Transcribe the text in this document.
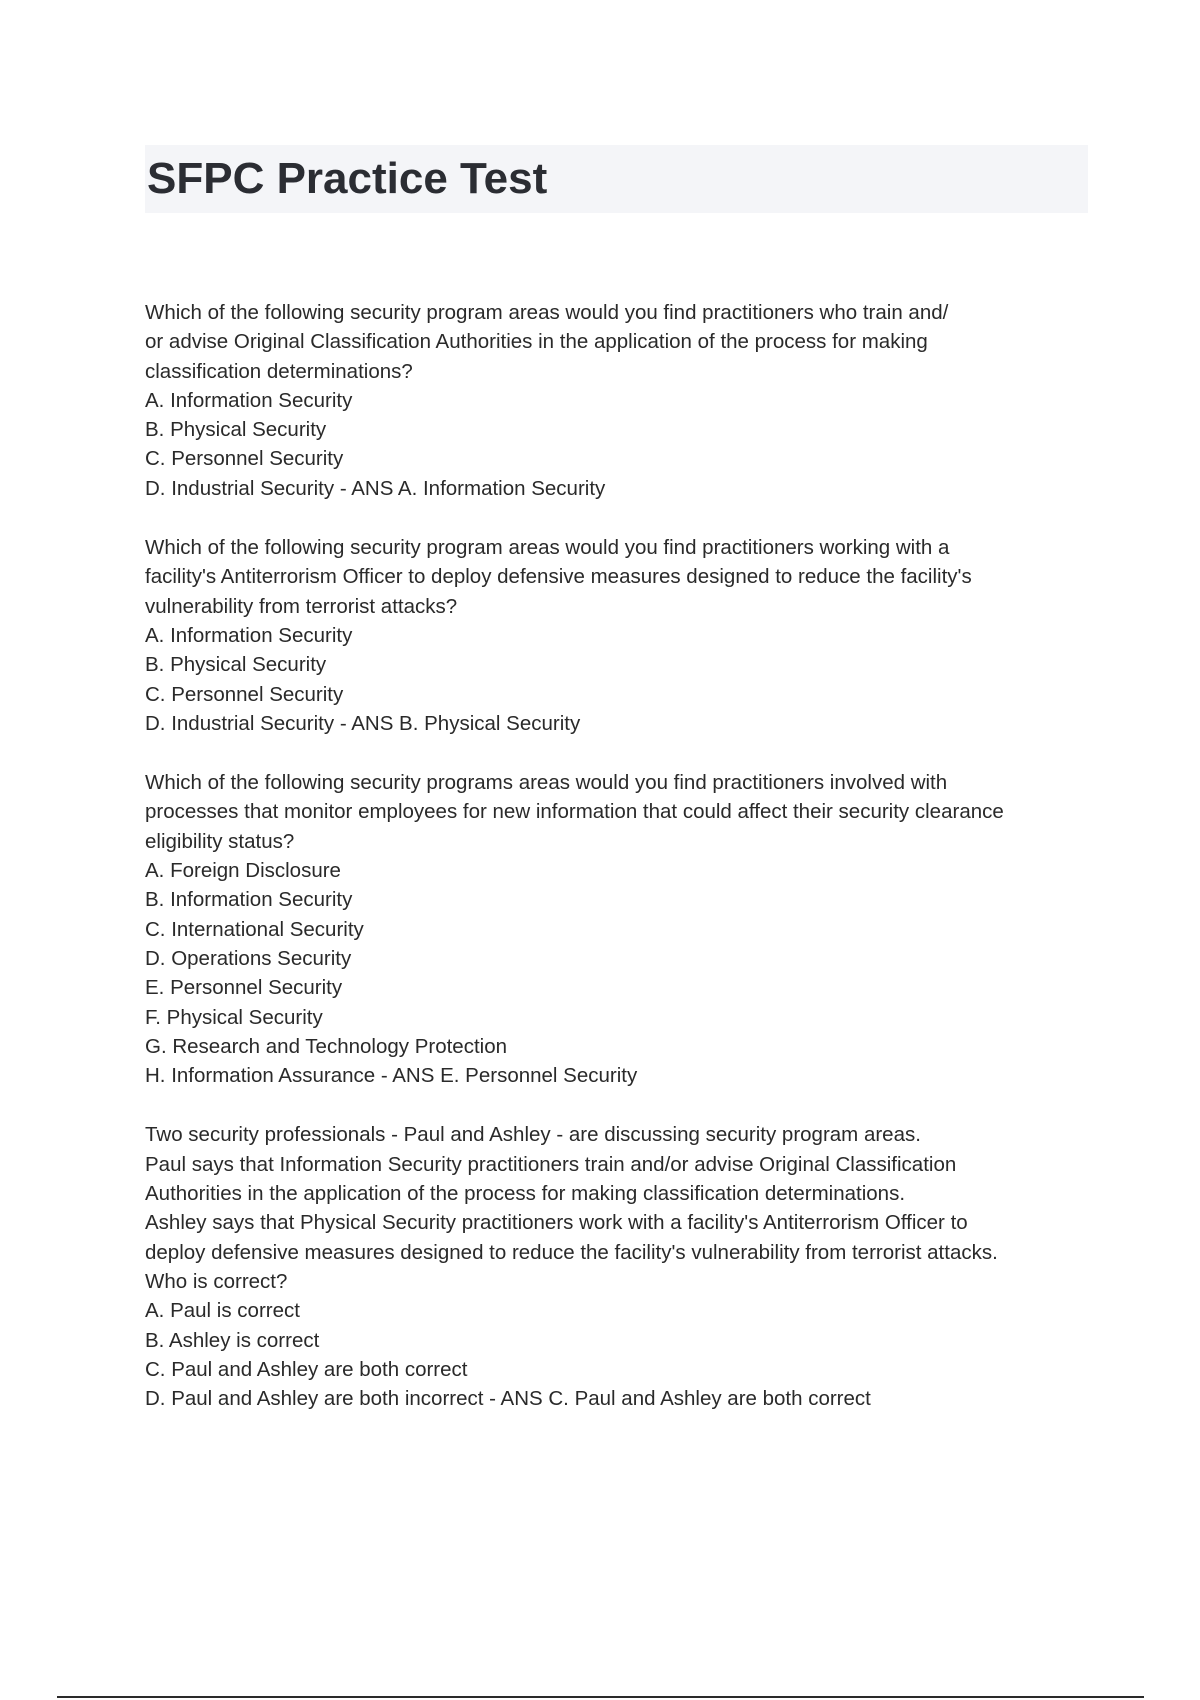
SFPC Practice Test

Which of the following security program areas would you find practitioners who train and/

or advise Original Classification Authorities in the application of the process for making

classification determinations?

A. Information Security

B. Physical Security

C. Personnel Security

D. Industrial Security - ANS A. Information Security

Which of the following security program areas would you find practitioners working with a

facility's Antiterrorism Officer to deploy defensive measures designed to reduce the facility's

vulnerability from terrorist attacks?

A. Information Security

B. Physical Security

C. Personnel Security

D. Industrial Security - ANS B. Physical Security

Which of the following security programs areas would you find practitioners involved with

processes that monitor employees for new information that could affect their security clearance

eligibility status?

A. Foreign Disclosure

B. Information Security

C. International Security

D. Operations Security

E. Personnel Security

F. Physical Security

G. Research and Technology Protection

H. Information Assurance - ANS E. Personnel Security

Two security professionals - Paul and Ashley - are discussing security program areas.

Paul says that Information Security practitioners train and/or advise Original Classification

Authorities in the application of the process for making classification determinations.

Ashley says that Physical Security practitioners work with a facility's Antiterrorism Officer to

deploy defensive measures designed to reduce the facility's vulnerability from terrorist attacks.

Who is correct?

A. Paul is correct

B. Ashley is correct

C. Paul and Ashley are both correct

D. Paul and Ashley are both incorrect - ANS C. Paul and Ashley are both correct
